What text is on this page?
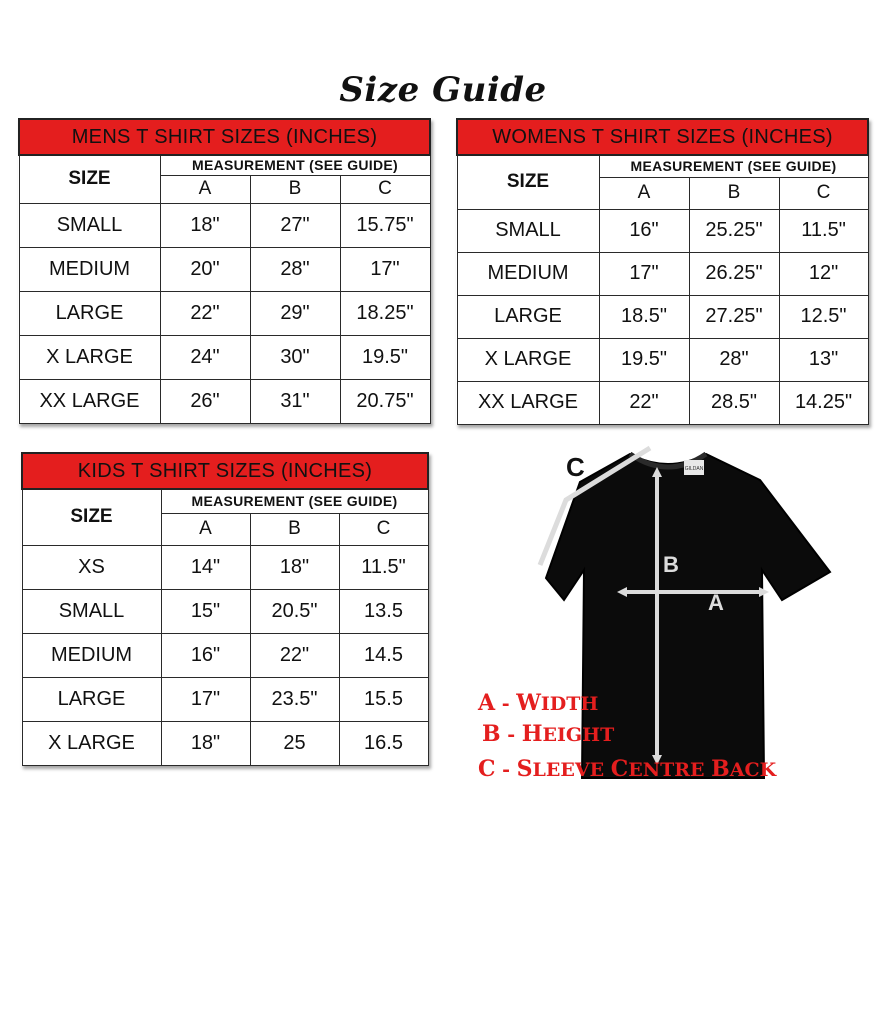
Size Guide
MENS T SHIRT SIZES (INCHES)			
SIZE	MEASUREMENT (SEE GUIDE)		
	A	B	C
SMALL	18"	27"	15.75"
MEDIUM	20"	28"	17"
LARGE	22"	29"	18.25"
X LARGE	24"	30"	19.5"
XX LARGE	26"	31"	20.75"
WOMENS T SHIRT SIZES (INCHES)			
SIZE	MEASUREMENT (SEE GUIDE)		
	A	B	C
SMALL	16"	25.25"	11.5"
MEDIUM	17"	26.25"	12"
LARGE	18.5"	27.25"	12.5"
X LARGE	19.5"	28"	13"
XX LARGE	22"	28.5"	14.25"
KIDS T SHIRT SIZES (INCHES)			
SIZE	MEASUREMENT (SEE GUIDE)		
	A	B	C
XS	14"	18"	11.5"
SMALL	15"	20.5"	13.5
MEDIUM	16"	22"	14.5
LARGE	17"	23.5"	15.5
X LARGE	18"	25	16.5
GILDAN
C
B
A
A - WIDTH
B - HEIGHT
C - SLEEVE CENTRE BACK
